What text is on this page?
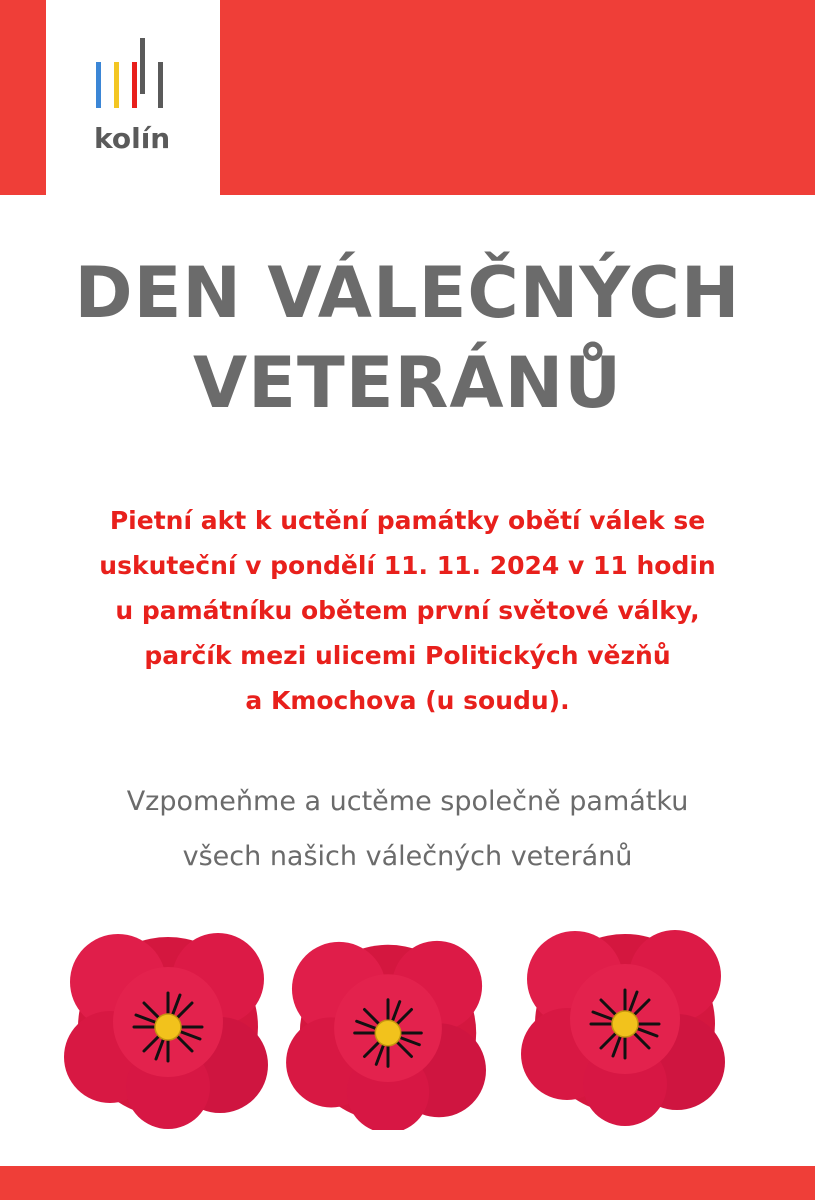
kolín
DEN VÁLEČNÝCH
VETERÁNŮ
Pietní akt k uctění památky obětí válek se
uskuteční v pondělí 11. 11. 2024 v 11 hodin
u památníku obětem první světové války,
parčík mezi ulicemi Politických vězňů
a Kmochova (u soudu).
Vzpomeňme a uctěme společně památku
všech našich válečných veteránů
